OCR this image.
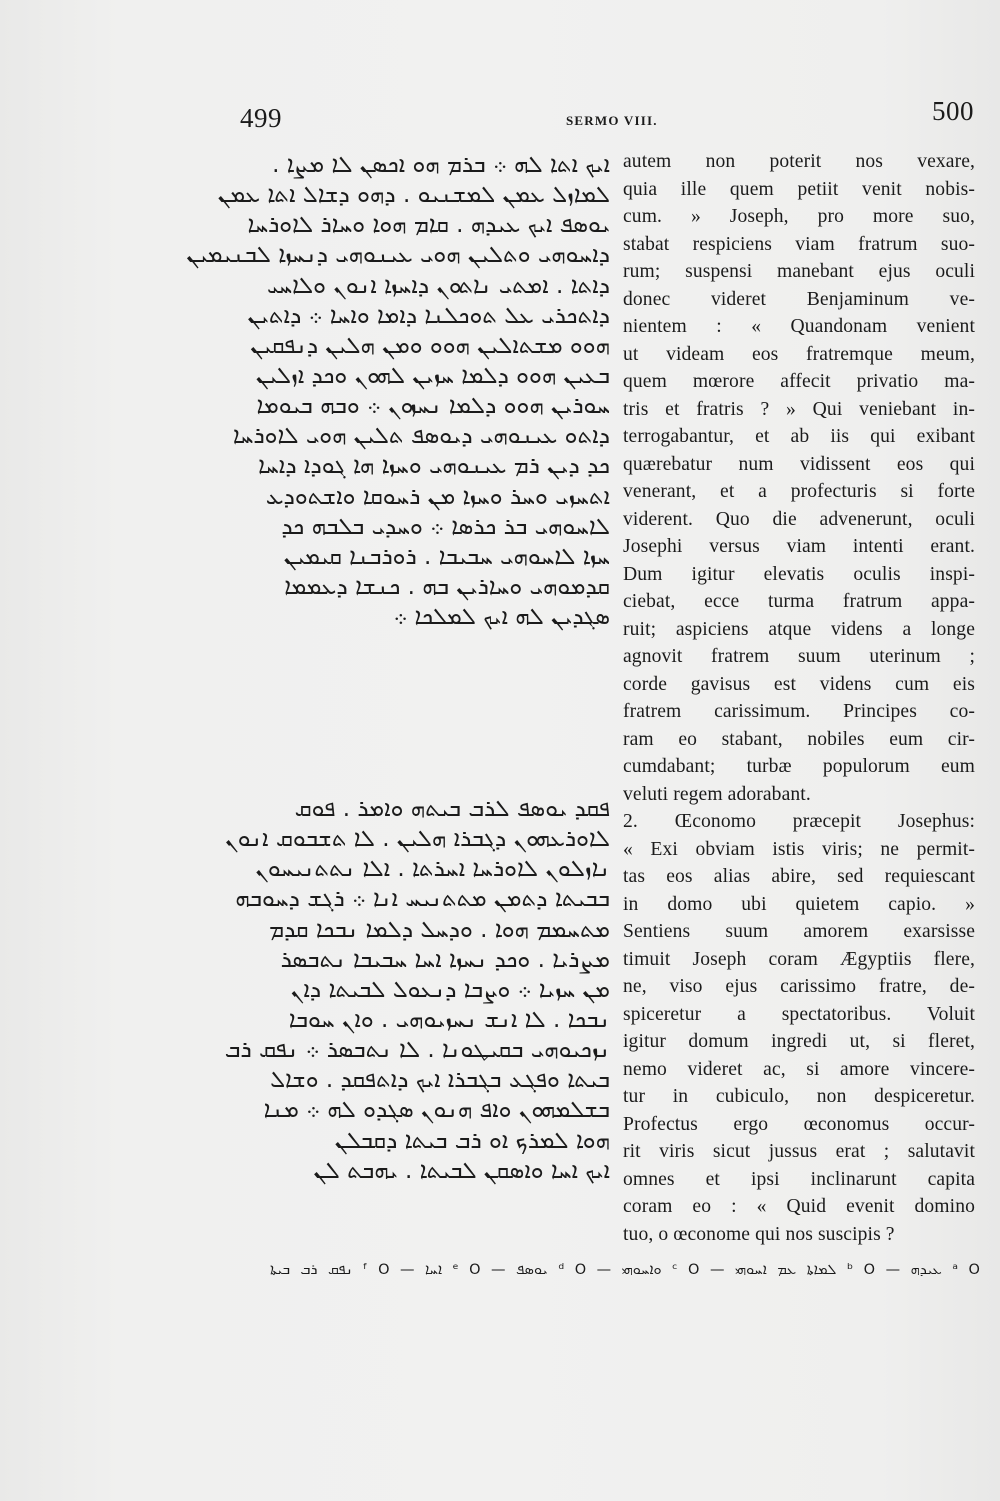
499	SERMO VIII.	500
ܐܝܟ ܐܬܐ ܠܗ ܀ ܒܪܡ ܗܘ ܐܟܣܢ ܠܐ ܡܨܐ .
ܠܡܐܙܠ ܥܡܢ ܠܡܫܢܝܘ . ܕܗܘ ܕܫܐܠ ܐܬܐ ܥܡܢ
ܝܘܣܦ ܐܝܟ ܥܝܕܗ . ܩܐܡ ܗܘܐ ܘܚܐܪ ܠܐܘܪܚܐ
ܕܐܚܘܗܝ ܘܬܠܝܢ ܗܘܝ ܥܝܢܘܗܝ ܕܢܚܙܐ ܠܒܢܝܡܝܢ
ܕܐܬܐ . ܐܡܬܝ ܢܐܬܘܢ ܕܐܚܙܐ ܐܢܘܢ ܘܠܐܚܝ
ܕܐܬܟܪܝ ܥܠ ܬܘܟܠܢܐ ܕܐܡܐ ܘܐܚܐ ܀ ܕܐܬܝܢ
ܗܘܘ ܡܫܬܐܠܝܢ ܗܘܘ ܘܡܢ ܗܠܝܢ ܕܢܦܩܝܢ
ܒܥܝܢ ܗܘܘ ܕܠܡܐ ܚܙܝܢ ܠܗܘܢ ܘܟܕ ܐܙܠܝܢ
ܚܘܪܝܢ ܗܘܘ ܕܠܡܐ ܢܚܙܘܢ ܀ ܘܒܗ ܒܝܘܡܐ
ܕܐܬܘ ܥܝܢܘܗܝ ܕܝܘܣܦ ܬܠܝܢ ܗܘܝ ܠܐܘܪܚܐ
ܟܕ ܕܝܢ ܪܡ ܥܝܢܘܗܝ ܘܚܙܐ ܗܐ ܓܘܕܐ ܕܐܚܐ
ܐܬܚܙܝ ܘܚܪ ܘܚܙܐ ܡܢ ܪܚܘܩܐ ܘܐܫܬܘܕܥ
ܠܐܚܘܗܝ ܒܪ ܟܪܣܐ ܀ ܘܚܕܝ ܒܠܒܗ ܟܕ
ܚܙܐ ܠܐܚܘܗܝ ܚܒܝܒܐ . ܪܘܪܒܢܐ ܩܝܡܝܢ
ܩܕܡܘܗܝ ܘܚܐܪܝܢ ܒܗ . ܟܢܫܐ ܕܥܡܡܐ
ܣܓܕܝܢ ܠܗ ܐܝܟ ܠܡܠܟܐ ܀
ܦܩܕ ܝܘܣܦ ܠܪܒ ܒܝܬܗ ܘܐܡܪ . ܦܘܩ
ܠܐܘܪܥܗܘܢ ܕܓܒܪܐ ܗܠܝܢ . ܠܐ ܬܫܒܘܩ ܐܢܘܢ
ܢܐܙܠܘܢ ܠܐܘܪܚܐ ܐܚܪܬܐ . ܐܠܐ ܢܬܬܢܝܚܘܢ
ܒܒܝܬܐ ܕܬܡܢ ܡܬܬܢܝܚ ܐܢܐ ܀ ܪܓܫ ܕܚܘܒܗ
ܡܬܚܡܡ ܗܘܐ . ܘܕܚܠ ܕܠܡܐ ܢܒܟܐ ܩܕܡ
ܡܨܪܝܐ . ܘܟܕ ܢܚܙܐ ܐܚܐ ܚܒܝܒܐ ܢܬܒܣܪ
ܡܢ ܚܙܝܐ ܀ ܘܨܒܐ ܕܢܥܘܠ ܠܒܝܬܐ ܕܐܢ
ܢܒܟܐ . ܠܐ ܐܢܫ ܢܚܙܝܘܗܝ . ܘܐܢ ܚܘܒܐ
ܢܙܟܝܘܗܝ ܒܩܝܛܘܢܐ . ܠܐ ܢܬܒܣܪ ܀ ܢܦܩ ܪܒ
ܒܝܬܐ ܘܦܓܥ ܒܓܒܪܐ ܐܝܟ ܕܐܬܦܩܕ . ܘܫܐܠ
ܒܫܠܡܗܘܢ ܘܐܦ ܗܢܘܢ ܣܓܕܘ ܠܗ ܀ ܡܢܐ
ܗܘܐ ܠܡܪܟ ܐܘ ܪܒ ܒܝܬܐ ܕܩܒܠܢ
ܐܝܟ ܐܚܐ ܘܐܣܩܢ ܠܒܝܬܐ . ܝܗܒܬ ܠܢ
autem non poterit nos vexare,
quia ille quem petiit venit nobis-
cum. » Joseph, pro more suo,
stabat respiciens viam fratrum suo-
rum; suspensi manebant ejus oculi
donec videret Benjaminum ve-
nientem : « Quandonam venient
ut videam eos fratremque meum,
quem mœrore affecit privatio ma-
tris et fratris ? » Qui veniebant in-
terrogabantur, et ab iis qui exibant
quærebatur num vidissent eos qui
venerant, et a profecturis si forte
viderent. Quo die advenerunt, oculi
Josephi versus viam intenti erant.
Dum igitur elevatis oculis inspi-
ciebat, ecce turma fratrum appa-
ruit; aspiciens atque videns a longe
agnovit fratrem suum uterinum ;
corde gavisus est videns cum eis
fratrem carissimum. Principes co-
ram eo stabant, nobiles eum cir-
cumdabant; turbæ populorum eum
veluti regem adorabant.
2. Œconomo præcepit Josephus:
« Exi obviam istis viris; ne permit-
tas eos alias abire, sed requiescant
in domo ubi quietem capio. »
Sentiens suum amorem exarsisse
timuit Joseph coram Ægyptiis flere,
ne, viso ejus carissimo fratre, de-
spiceretur a spectatoribus. Voluit
igitur domum ingredi ut, si fleret,
nemo videret ac, si amore vincere-
tur in cubiculo, non despiceretur.
Profectus ergo œconomus occur-
rit viris sicut jussus erat ; salutavit
omnes et ipsi inclinarunt capita
coram eo : « Quid evenit domino
tuo, o œconome qui nos suscipis ?
ᵃ O ܥܝܕܗ — ᵇ O ܠܡܐܬܐ ܥܡ ܐܚܘܗܝ — ᶜ O ܘܐܚܘܗܝ — ᵈ O ܝܘܣܦ — ᵉ O ܐܚܐ — ᶠ O ܢܦܩ ܪܒ ܒܝܬܐ
